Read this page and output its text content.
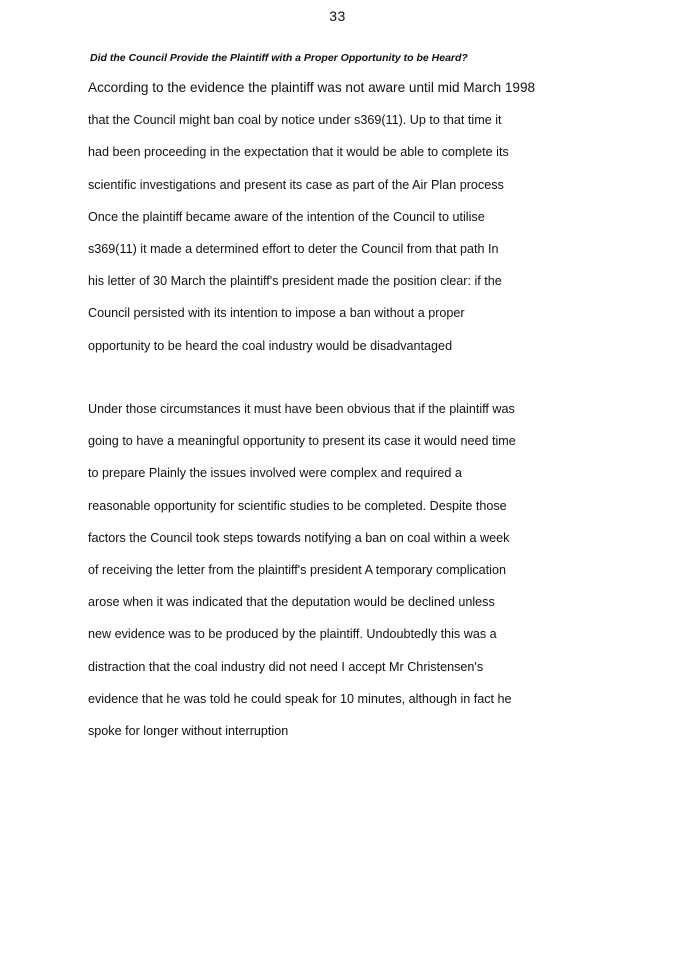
33
Did the Council Provide the Plaintiff with a Proper Opportunity to be Heard?
According to the evidence the plaintiff was not aware until mid March 1998
that the Council might ban coal by notice under s369(11). Up to that time it
had been proceeding in the expectation that it would be able to complete its
scientific investigations and present its case as part of the Air Plan process
Once the plaintiff became aware of the intention of the Council to utilise
s369(11) it made a determined effort to deter the Council from that path In
his letter of 30 March the plaintiff's president made the position clear: if the
Council persisted with its intention to impose a ban without a proper
opportunity to be heard the coal industry would be disadvantaged
Under those circumstances it must have been obvious that if the plaintiff was
going to have a meaningful opportunity to present its case it would need time
to prepare Plainly the issues involved were complex and required a
reasonable opportunity for scientific studies to be completed. Despite those
factors the Council took steps towards notifying a ban on coal within a week
of receiving the letter from the plaintiff's president A temporary complication
arose when it was indicated that the deputation would be declined unless
new evidence was to be produced by the plaintiff. Undoubtedly this was a
distraction that the coal industry did not need I accept Mr Christensen's
evidence that he was told he could speak for 10 minutes, although in fact he
spoke for longer without interruption
